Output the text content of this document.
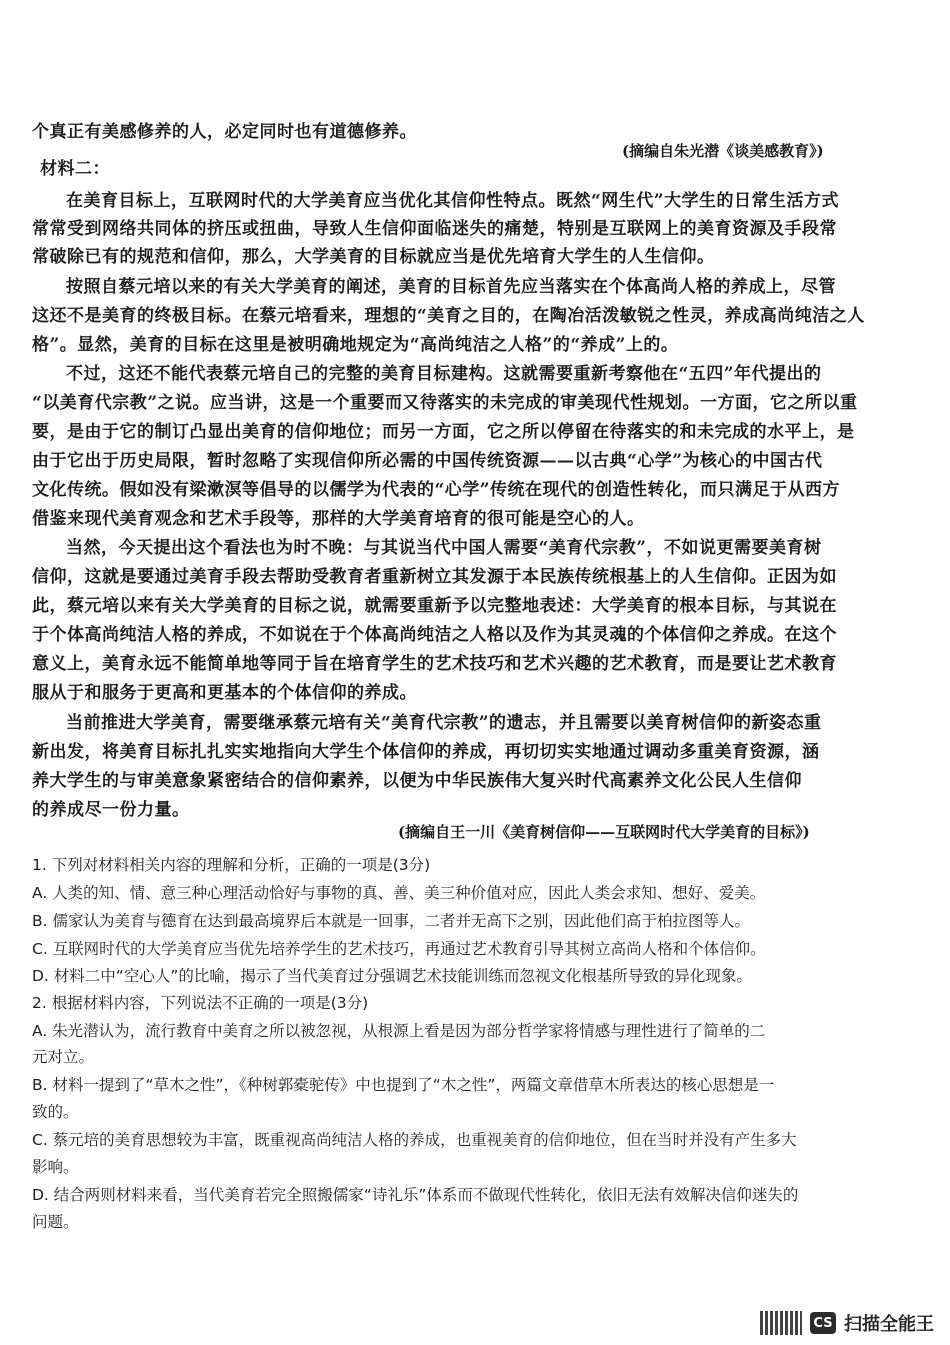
个真正有美感修养的人，必定同时也有道德修养。
(摘编自朱光潜《谈美感教育》)
材料二：
在美育目标上，互联网时代的大学美育应当优化其信仰性特点。既然“网生代”大学生的日常生活方式
常常受到网络共同体的挤压或扭曲，导致人生信仰面临迷失的痛楚，特别是互联网上的美育资源及手段常
常破除已有的规范和信仰，那么，大学美育的目标就应当是优先培育大学生的人生信仰。
按照自蔡元培以来的有关大学美育的阐述，美育的目标首先应当落实在个体高尚人格的养成上，尽管
这还不是美育的终极目标。在蔡元培看来，理想的“美育之目的，在陶冶活泼敏锐之性灵，养成高尚纯洁之人
格”。显然，美育的目标在这里是被明确地规定为“高尚纯洁之人格”的“养成”上的。
不过，这还不能代表蔡元培自己的完整的美育目标建构。这就需要重新考察他在“五四”年代提出的
“以美育代宗教”之说。应当讲，这是一个重要而又待落实的未完成的审美现代性规划。一方面，它之所以重
要，是由于它的制订凸显出美育的信仰地位；而另一方面，它之所以停留在待落实的和未完成的水平上，是
由于它出于历史局限，暂时忽略了实现信仰所必需的中国传统资源——以古典“心学”为核心的中国古代
文化传统。假如没有梁漱溟等倡导的以儒学为代表的“心学”传统在现代的创造性转化，而只满足于从西方
借鉴来现代美育观念和艺术手段等，那样的大学美育培育的很可能是空心的人。
当然，今天提出这个看法也为时不晚：与其说当代中国人需要“美育代宗教”，不如说更需要美育树
信仰，这就是要通过美育手段去帮助受教育者重新树立其发源于本民族传统根基上的人生信仰。正因为如
此，蔡元培以来有关大学美育的目标之说，就需要重新予以完整地表述：大学美育的根本目标，与其说在
于个体高尚纯洁人格的养成，不如说在于个体高尚纯洁之人格以及作为其灵魂的个体信仰之养成。在这个
意义上，美育永远不能简单地等同于旨在培育学生的艺术技巧和艺术兴趣的艺术教育，而是要让艺术教育
服从于和服务于更高和更基本的个体信仰的养成。
当前推进大学美育，需要继承蔡元培有关“美育代宗教”的遗志，并且需要以美育树信仰的新姿态重
新出发，将美育目标扎扎实实地指向大学生个体信仰的养成，再切切实实地通过调动多重美育资源，涵
养大学生的与审美意象紧密结合的信仰素养，以便为中华民族伟大复兴时代高素养文化公民人生信仰
的养成尽一份力量。
(摘编自王一川《美育树信仰——互联网时代大学美育的目标》)
1. 下列对材料相关内容的理解和分析，正确的一项是(3分)
A. 人类的知、情、意三种心理活动恰好与事物的真、善、美三种价值对应，因此人类会求知、想好、爱美。
B. 儒家认为美育与德育在达到最高境界后本就是一回事，二者并无高下之别，因此他们高于柏拉图等人。
C. 互联网时代的大学美育应当优先培养学生的艺术技巧，再通过艺术教育引导其树立高尚人格和个体信仰。
D. 材料二中“空心人”的比喻，揭示了当代美育过分强调艺术技能训练而忽视文化根基所导致的异化现象。
2. 根据材料内容，下列说法不正确的一项是(3分)
A. 朱光潜认为，流行教育中美育之所以被忽视，从根源上看是因为部分哲学家将情感与理性进行了简单的二
元对立。
B. 材料一提到了“草木之性”，《种树郭橐驼传》中也提到了“木之性”，两篇文章借草木所表达的核心思想是一
致的。
C. 蔡元培的美育思想较为丰富，既重视高尚纯洁人格的养成，也重视美育的信仰地位，但在当时并没有产生多大
影响。
D. 结合两则材料来看，当代美育若完全照搬儒家“诗礼乐”体系而不做现代性转化，依旧无法有效解决信仰迷失的
问题。
CS 扫描全能王
